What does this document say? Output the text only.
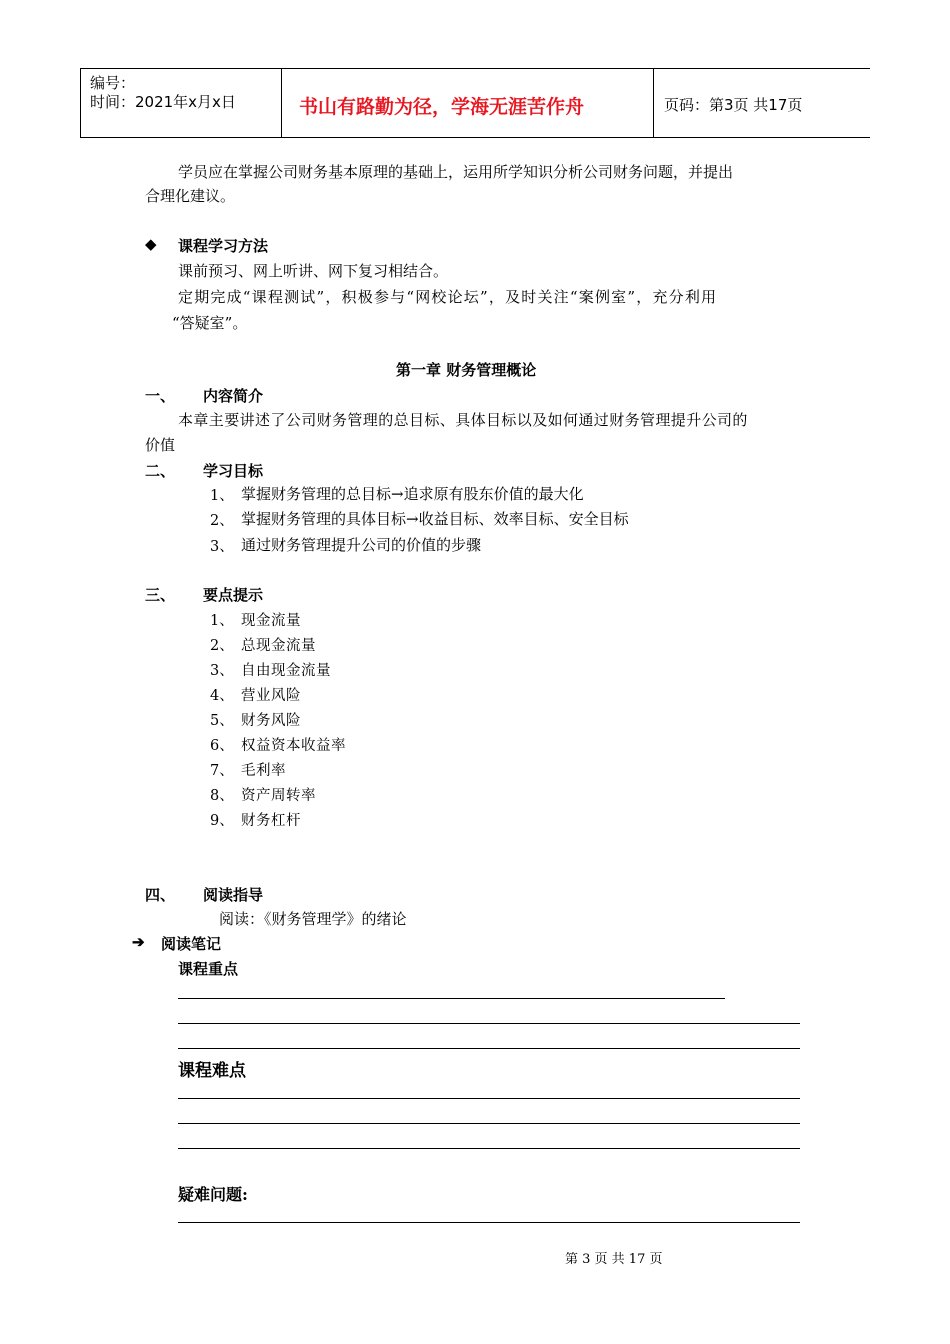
编号：
时间：2021年x月x日	书山有路勤为径，学海无涯苦作舟	页码：第3页 共17页
学员应在掌握公司财务基本原理的基础上，运用所学知识分析公司财务问题，并提出
合理化建议。
◆ 课程学习方法
课前预习、网上听讲、网下复习相结合。
定期完成“课程测试”，积极参与“网校论坛”，及时关注“案例室”，充分利用
“答疑室”。
第一章 财务管理概论
一、 内容简介
本章主要讲述了公司财务管理的总目标、具体目标以及如何通过财务管理提升公司的
价值
二、 学习目标
1、 掌握财务管理的总目标→追求原有股东价值的最大化
2、 掌握财务管理的具体目标→收益目标、效率目标、安全目标
3、 通过财务管理提升公司的价值的步骤
三、 要点提示
1、 现金流量
2、 总现金流量
3、 自由现金流量
4、 营业风险
5、 财务风险
6、 权益资本收益率
7、 毛利率
8、 资产周转率
9、 财务杠杆
四、 阅读指导
阅读：《财务管理学》的绪论
➔ 阅读笔记
课程重点
课程难点
疑难问题:
第 3 页 共 17 页
